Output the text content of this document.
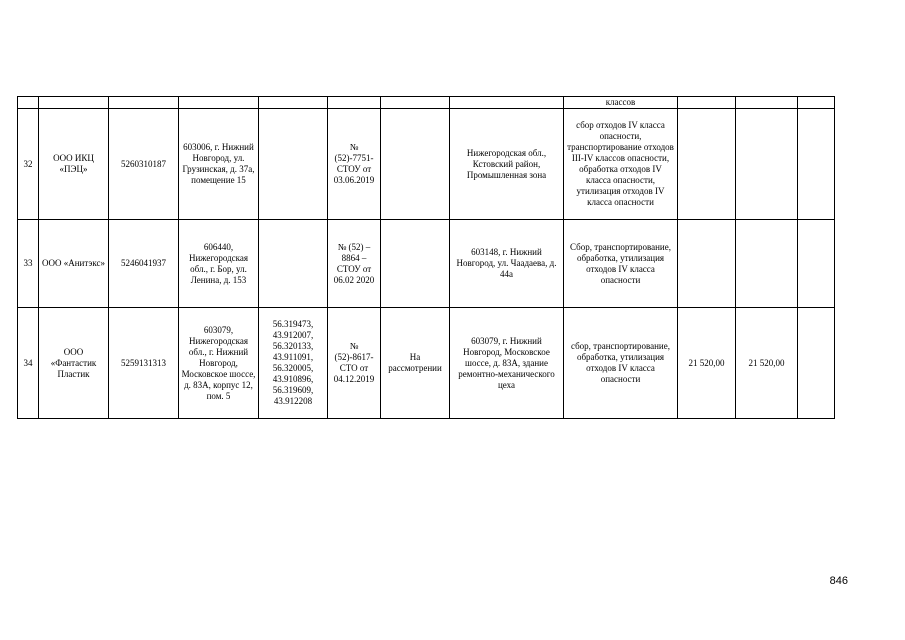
								классов			
32	ООО ИКЦ «ПЭЦ»	5260310187	603006, г. Нижний Новгород, ул. Грузинская, д. 37а, помещение 15		№ (52)-7751-СТОУ от 03.06.2019		Нижегородская обл., Кстовский район, Промышленная зона	сбор отходов IV класса опасности, транспортирование отходов III-IV классов опасности, обработка отходов IV класса опасности, утилизация отходов IV класса опасности			
33	ООО «Анитэкс»	5246041937	606440, Нижегородская обл., г. Бор, ул. Ленина, д. 153		№ (52) – 8864 – СТОУ от 06.02 2020		603148, г. Нижний Новгород, ул. Чаадаева, д. 44а	Сбор, транспортирование, обработка, утилизация отходов IV класса опасности			
34	ООО «Фантастик Пластик	5259131313	603079, Нижегородская обл., г. Нижний Новгород, Московское шоссе, д. 83А, корпус 12, пом. 5	56.319473, 43.912007, 56.320133, 43.911091, 56.320005, 43.910896, 56.319609, 43.912208	№ (52)-8617-СТО от 04.12.2019	На рассмотрении	603079, г. Нижний Новгород, Московское шоссе, д. 83А, здание ремонтно-механического цеха	сбор, транспортирование, обработка, утилизация отходов IV класса опасности	21 520,00	21 520,00	
846
